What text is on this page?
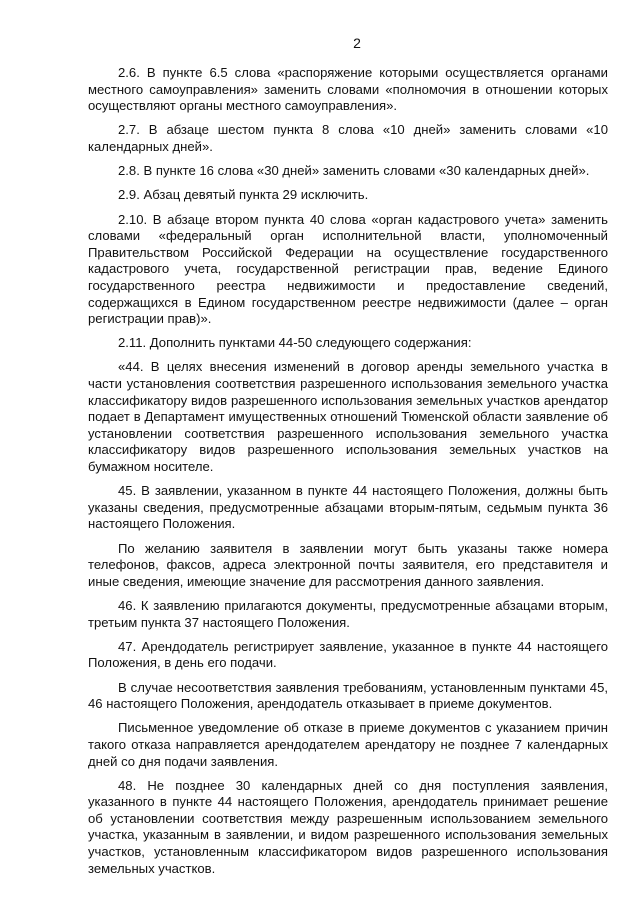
2

2.6. В пункте 6.5 слова «распоряжение которыми осуществляется органами местного самоуправления» заменить словами «полномочия в отношении которых осуществляют органы местного самоуправления».

2.7. В абзаце шестом пункта 8 слова «10 дней» заменить словами «10 календарных дней».

2.8. В пункте 16 слова «30 дней» заменить словами «30 календарных дней».

2.9. Абзац девятый пункта 29 исключить.

2.10. В абзаце втором пункта 40 слова «орган кадастрового учета» заменить словами «федеральный орган исполнительной власти, уполномоченный Правительством Российской Федерации на осуществление государственного кадастрового учета, государственной регистрации прав, ведение Единого государственного реестра недвижимости и предоставление сведений, содержащихся в Едином государственном реестре недвижимости (далее – орган регистрации прав)».

2.11. Дополнить пунктами 44-50 следующего содержания:

«44. В целях внесения изменений в договор аренды земельного участка в части установления соответствия разрешенного использования земельного участка классификатору видов разрешенного использования земельных участков арендатор подает в Департамент имущественных отношений Тюменской области заявление об установлении соответствия разрешенного использования земельного участка классификатору видов разрешенного использования земельных участков на бумажном носителе.

45. В заявлении, указанном в пункте 44 настоящего Положения, должны быть указаны сведения, предусмотренные абзацами вторым-пятым, седьмым пункта 36 настоящего Положения.

По желанию заявителя в заявлении могут быть указаны также номера телефонов, факсов, адреса электронной почты заявителя, его представителя и иные сведения, имеющие значение для рассмотрения данного заявления.

46. К заявлению прилагаются документы, предусмотренные абзацами вторым, третьим пункта 37 настоящего Положения.

47. Арендодатель регистрирует заявление, указанное в пункте 44 настоящего Положения, в день его подачи.

В случае несоответствия заявления требованиям, установленным пунктами 45, 46 настоящего Положения, арендодатель отказывает в приеме документов.

Письменное уведомление об отказе в приеме документов с указанием причин такого отказа направляется арендодателем арендатору не позднее 7 календарных дней со дня подачи заявления.

48. Не позднее 30 календарных дней со дня поступления заявления, указанного в пункте 44 настоящего Положения, арендодатель принимает решение об установлении соответствия между разрешенным использованием земельного участка, указанным в заявлении, и видом разрешенного использования земельных участков, установленным классификатором видов разрешенного использования земельных участков.
